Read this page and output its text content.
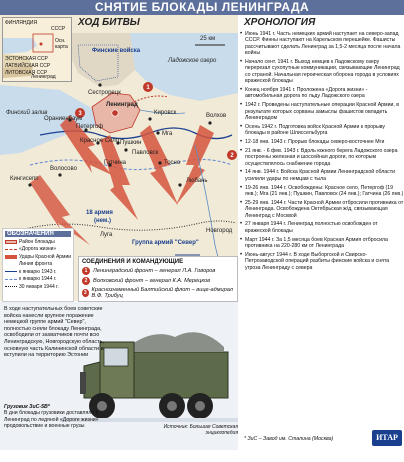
СНЯТИЕ БЛОКАДЫ ЛЕНИНГРАДА
1
2
3
ФИНЛЯНДИЯ
СССР
Осн. карта
ЭСТОНСКАЯ ССР
ЛАТВИЙСКАЯ ССР
ЛИТОВСКАЯ ССР
Ленинград
ХОД БИТВЫ
Финские войска
Ладожское озеро
25 км
Финский залив
Сестрорецк
Ленинград
Ораниенбаум
Петергоф
Красное Село Пушкин
Павловск
Мга
Кировск	Волхов
Тосно
Любань
Гатчина
Кингисепп
Волосово
18 армия
(нем.)
Группа армий "Север"
Луга
Новгород
ОБОЗНАЧЕНИЯ
Район блокады
«Дорога жизни»
Удары Красной Армии
Линия фронта
к январю 1943 г.
к январю 1944 г.
30 января 1944 г.
СОЕДИНЕНИЯ И КОМАНДУЮЩИЕ
1	Ленинградский фронт – генерал Л.А. Говоров
2	Волховский фронт – генерал К.А. Мерецков
3 Краснознаменный Балтийский флот – вице-адмирал В.Ф. Трибуц
ХРОНОЛОГИЯ
• Июнь 1941 г. Часть немецких армий наступает на северо-запад СССР. Финны наступают на Карельском перешейке. Фашисты рассчитывают сделать Ленинград за 1,5-2 месяца после начала войны
• Начало сент. 1941 г. Выход немцев к Ладожскому озеру перерезал сухопутные коммуникации, связывающие Ленинград со страной. Начальная героическая оборона города в условиях вражеской блокады
• Конец ноября 1941 г. Проложена «Дорога жизни» - автомобильная дорога по льду Ладожского озера
• 1942 г. Проведены наступательные операции Красной Армии, в результате которых сорваны замыслы фашистов овладеть Ленинградом
• Осень 1942 г. Подготовка войск Красной Армии к прорыву блокады в районе Шлиссельбурга
• 12-18 янв. 1943 г. Прорыв блокады северо-восточнее Мги
• 21 янв. - 6 фев. 1943 г. Вдоль южного берега Ладожского озера построены железная и шоссейная дороги, по которым осуществлялось снабжение города
• 14 янв. 1944 г. Войска Красной Армии Ленинградской области усилили удары по немцам с тыла
• 19-26 янв. 1944 г. Освобождены: Красное село, Петергоф (19 янв.); Мга (21 янв.); Пушкин, Павловск (24 янв.); Гатчина (26 янв.)
• 25-29 янв. 1944 г. Части Красной Армии отбросили противника от Ленинграда. Освобождена Октябрьская ж/д, связывающая Ленинград с Москвой
• 27 января 1944 г. Ленинград полностью освобожден от вражеской блокады
• Март 1944 г. За 1,5 месяца боев Красная Армия отбросила противника на 220-280 км от Ленинграда
• Июнь-август 1944 г. В ходе Выборгской и Свирско-Петрозаводской операций разбиты финские войска и снята угроза Ленинграду с севера
В ходе наступательных боев советские войска нанесли крупное поражение немецкой группе армий "Север", полностью сняли блокаду Ленинграда, освободили от захватчиков почти всю Ленинградскую, Новгородскую область, основную часть Калининской области и вступили на территорию Эстонии
Грузовик ЗиС-5В*
В дни блокады грузовики доставляли в Ленинград по ледяной «Дороге жизни» продовольствие и военные грузы	Источник: Большая Советская энциклопедия
* ЗиС – Завод им. Сталина (Москва)	ИТАР ТАСС
